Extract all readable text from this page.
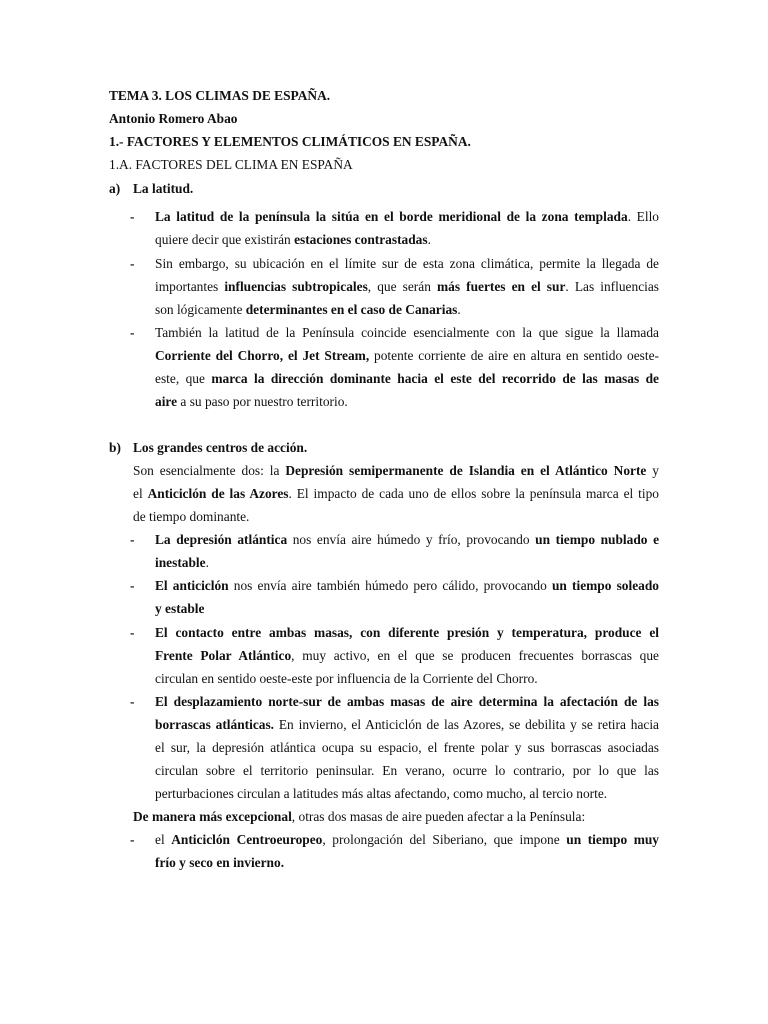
TEMA 3. LOS CLIMAS DE ESPAÑA.
Antonio Romero Abao
1.- FACTORES Y ELEMENTOS CLIMÁTICOS EN ESPAÑA.
1.A. FACTORES DEL CLIMA EN ESPAÑA
a) La latitud.
- La latitud de la península la sitúa en el borde meridional de la zona templada. Ello
quiere decir que existirán estaciones contrastadas.
- Sin embargo, su ubicación en el límite sur de esta zona climática, permite la llegada de
importantes influencias subtropicales, que serán más fuertes en el sur. Las influencias
son lógicamente determinantes en el caso de Canarias.
- También la latitud de la Península coincide esencialmente con la que sigue la llamada
Corriente del Chorro, el Jet Stream, potente corriente de aire en altura en sentido oeste-
este, que marca la dirección dominante hacia el este del recorrido de las masas de
aire a su paso por nuestro territorio.
b) Los grandes centros de acción.
Son esencialmente dos: la Depresión semipermanente de Islandia en el Atlántico Norte y
el Anticiclón de las Azores. El impacto de cada uno de ellos sobre la península marca el tipo
de tiempo dominante.
- La depresión atlántica nos envía aire húmedo y frío, provocando un tiempo nublado e
inestable.
- El anticiclón nos envía aire también húmedo pero cálido, provocando un tiempo soleado
y estable
- El contacto entre ambas masas, con diferente presión y temperatura, produce el
Frente Polar Atlántico, muy activo, en el que se producen frecuentes borrascas que
circulan en sentido oeste-este por influencia de la Corriente del Chorro.
- El desplazamiento norte-sur de ambas masas de aire determina la afectación de las
borrascas atlánticas. En invierno, el Anticiclón de las Azores, se debilita y se retira hacia
el sur, la depresión atlántica ocupa su espacio, el frente polar y sus borrascas asociadas
circulan sobre el territorio peninsular. En verano, ocurre lo contrario, por lo que las
perturbaciones circulan a latitudes más altas afectando, como mucho, al tercio norte.
De manera más excepcional, otras dos masas de aire pueden afectar a la Península:
- el Anticiclón Centroeuropeo, prolongación del Siberiano, que impone un tiempo muy
frío y seco en invierno.
